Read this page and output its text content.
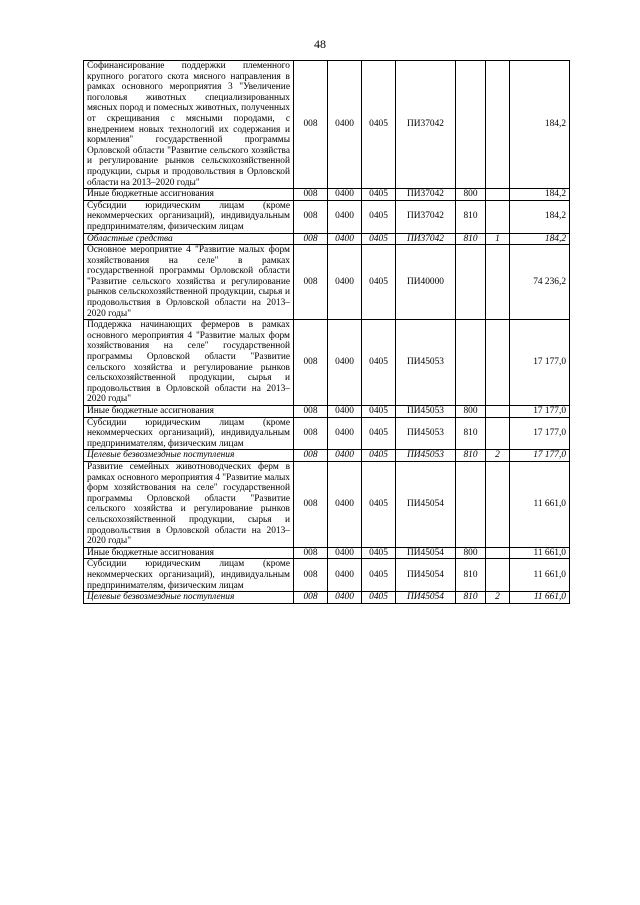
48
Софинансирование поддержки племенного крупного рогатого скота мясного направления в рамках основного мероприятия 3 "Увеличение поголовья животных специализированных мясных пород и помесных животных, полученных от скрещивания с мясными породами, с внедрением новых технологий их содержания и кормления" государственной программы Орловской области "Развитие сельского хозяйства и регулирование рынков сельскохозяйственной продукции, сырья и продовольствия в Орловской области на 2013–2020 годы"	008	0400	0405	ПИ37042			184,2
Иные бюджетные ассигнования	008	0400	0405	ПИ37042	800		184,2
Субсидии юридическим лицам (кроме некоммерческих организаций), индивидуальным предпринимателям, физическим лицам	008	0400	0405	ПИ37042	810		184,2
Областные средства	008	0400	0405	ПИ37042	810	1	184,2
Основное мероприятие 4 "Развитие малых форм хозяйствования на селе" в рамках государственной программы Орловской области "Развитие сельского хозяйства и регулирование рынков сельскохозяйственной продукции, сырья и продовольствия в Орловской области на 2013–2020 годы"	008	0400	0405	ПИ40000			74 236,2
Поддержка начинающих фермеров в рамках основного мероприятия 4 "Развитие малых форм хозяйствования на селе" государственной программы Орловской области "Развитие сельского хозяйства и регулирование рынков сельскохозяйственной продукции, сырья и продовольствия в Орловской области на 2013–2020 годы"	008	0400	0405	ПИ45053			17 177,0
Иные бюджетные ассигнования	008	0400	0405	ПИ45053	800		17 177,0
Субсидии юридическим лицам (кроме некоммерческих организаций), индивидуальным предпринимателям, физическим лицам	008	0400	0405	ПИ45053	810		17 177,0
Целевые безвозмездные поступления	008	0400	0405	ПИ45053	810	2	17 177,0
Развитие семейных животноводческих ферм в рамках основного мероприятия 4 "Развитие малых форм хозяйствования на селе" государственной программы Орловской области "Развитие сельского хозяйства и регулирование рынков сельскохозяйственной продукции, сырья и продовольствия в Орловской области на 2013–2020 годы"	008	0400	0405	ПИ45054			11 661,0
Иные бюджетные ассигнования	008	0400	0405	ПИ45054	800		11 661,0
Субсидии юридическим лицам (кроме некоммерческих организаций), индивидуальным предпринимателям, физическим лицам	008	0400	0405	ПИ45054	810		11 661,0
Целевые безвозмездные поступления	008	0400	0405	ПИ45054	810	2	11 661,0
